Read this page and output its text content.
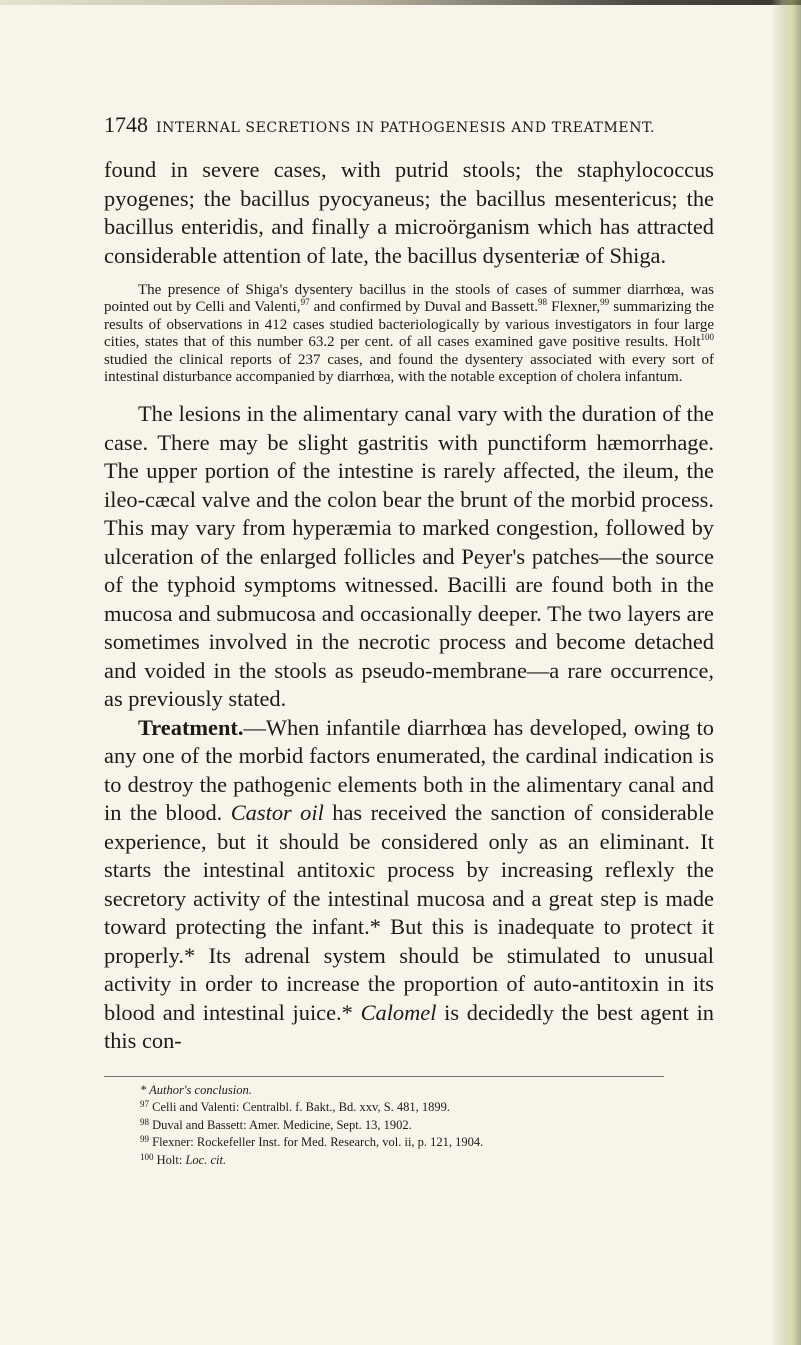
1748 INTERNAL SECRETIONS IN PATHOGENESIS AND TREATMENT.

found in severe cases, with putrid stools; the staphylococcus pyogenes; the bacillus pyocyaneus; the bacillus mesentericus; the bacillus enteridis, and finally a microörganism which has attracted considerable attention of late, the bacillus dysenteriæ of Shiga.

The presence of Shiga's dysentery bacillus in the stools of cases of summer diarrhœa, was pointed out by Celli and Valenti,$^{97}$ and confirmed by Duval and Bassett.$^{98}$ Flexner,$^{99}$ summarizing the results of observations in 412 cases studied bacteriologically by various investigators in four large cities, states that of this number 63.2 per cent. of all cases examined gave positive results. Holt$^{100}$ studied the clinical reports of 237 cases, and found the dysentery associated with every sort of intestinal disturbance accompanied by diarrhœa, with the notable exception of cholera infantum.

The lesions in the alimentary canal vary with the duration of the case. There may be slight gastritis with punctiform hæmorrhage. The upper portion of the intestine is rarely affected, the ileum, the ileo-cæcal valve and the colon bear the brunt of the morbid process. This may vary from hyperæmia to marked congestion, followed by ulceration of the enlarged follicles and Peyer's patches—the source of the typhoid symptoms witnessed. Bacilli are found both in the mucosa and submucosa and occasionally deeper. The two layers are sometimes involved in the necrotic process and become detached and voided in the stools as pseudo-membrane—a rare occurrence, as previously stated.

Treatment.—When infantile diarrhœa has developed, owing to any one of the morbid factors enumerated, the cardinal indication is to destroy the pathogenic elements both in the alimentary canal and in the blood. Castor oil has received the sanction of considerable experience, but it should be considered only as an eliminant. It starts the intestinal antitoxic process by increasing reflexly the secretory activity of the intestinal mucosa and a great step is made toward protecting the infant.* But this is inadequate to protect it properly.* Its adrenal system should be stimulated to unusual activity in order to increase the proportion of auto-antitoxin in its blood and intestinal juice.* Calomel is decidedly the best agent in this con-

* Author's conclusion.
$^{97}$ Celli and Valenti: Centralbl. f. Bakt., Bd. xxv, S. 481, 1899.
$^{98}$ Duval and Bassett: Amer. Medicine, Sept. 13, 1902.
$^{99}$ Flexner: Rockefeller Inst. for Med. Research, vol. ii, p. 121, 1904.
$^{100}$ Holt: Loc. cit.
